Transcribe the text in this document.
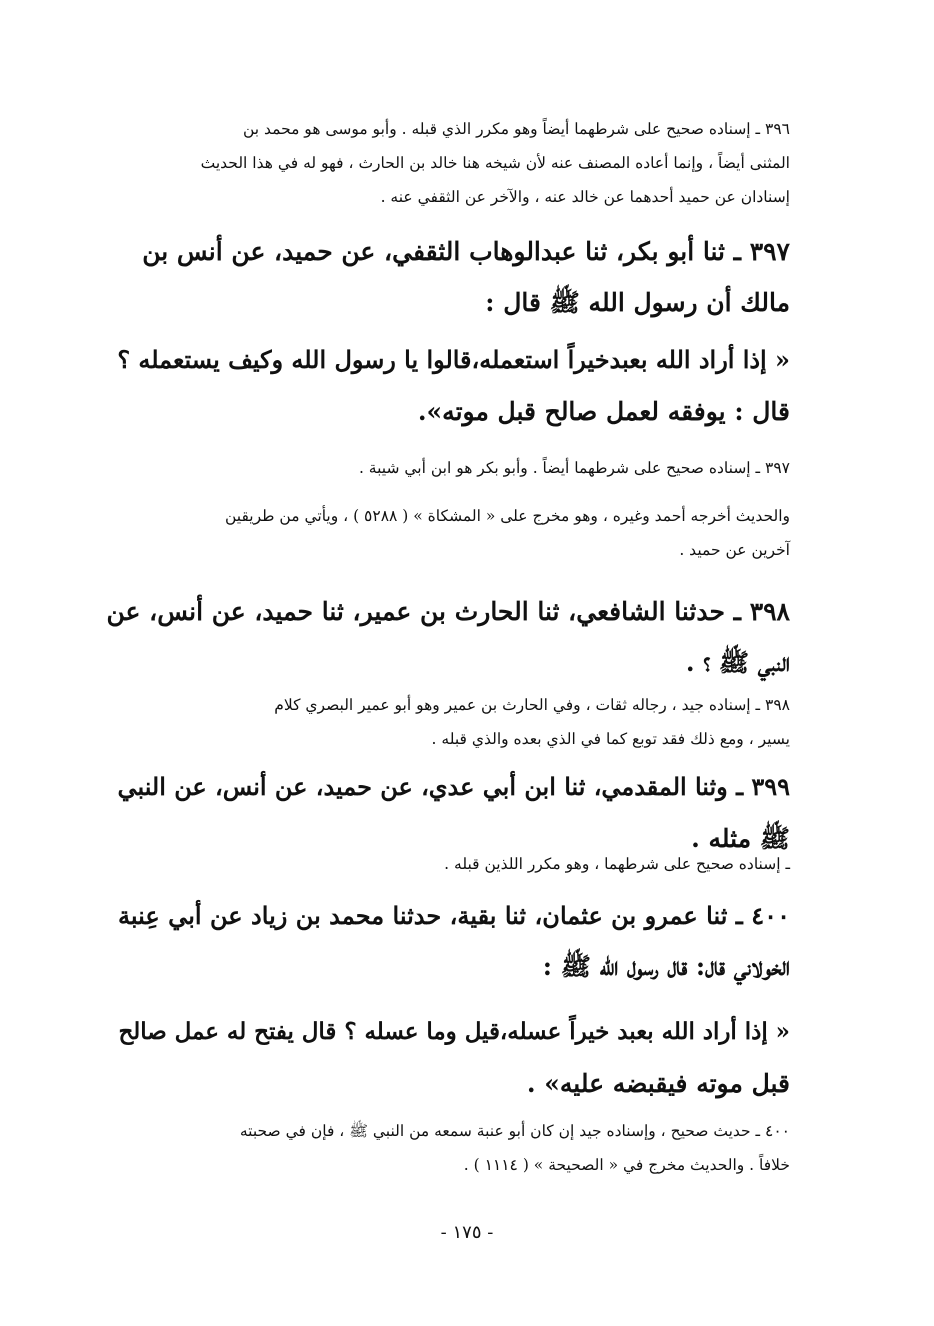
٣٩٦ ـ إسناده صحيح على شرطهما أيضاً وهو مكرر الذي قبله . وأبو موسى هو محمد بن
المثنى أيضاً ، وإنما أعاده المصنف عنه لأن شيخه هنا خالد بن الحارث ، فهو له في هذا الحديث
إسنادان عن حميد أحدهما عن خالد عنه ، والآخر عن الثقفي عنه .
٣٩٧ ـ ثنا أبو بكر، ثنا عبدالوهاب الثقفي، عن حميد، عن أنس بن
مالك أن رسول الله ﷺ قال :
« إذا أراد الله بعبدخيراً استعمله،قالوا يا رسول الله وكيف يستعمله ؟
قال : يوفقه لعمل صالح قبل موته».
٣٩٧ ـ إسناده صحيح على شرطهما أيضاً . وأبو بكر هو ابن أبي شيبة .
والحديث أخرجه أحمد وغيره ، وهو مخرج على « المشكاة » ( ٥٢٨٨ ) ، ويأتي من طريقين
آخرين عن حميد .
٣٩٨ ـ حدثنا الشافعي، ثنا الحارث بن عمير، ثنا حميد، عن أنس، عن
النبي ﷺ ؟ .
٣٩٨ ـ إسناده جيد ، رجاله ثقات ، وفي الحارث بن عمير وهو أبو عمير البصري كلام
يسير ، ومع ذلك فقد توبع كما في الذي بعده والذي قبله .
٣٩٩ ـ وثنا المقدمي، ثنا ابن أبي عدي، عن حميد، عن أنس، عن النبي
ﷺ مثله .
ـ إسناده صحيح على شرطهما ، وهو مكرر اللذين قبله .
٤٠٠ ـ ثنا عمرو بن عثمان، ثنا بقية، حدثنا محمد بن زياد عن أبي عِنبة
الخولاني قال: قال رسول الله ﷺ :
« إذا أراد الله بعبد خيراً عسله،قيل وما عسله ؟ قال يفتح له عمل صالح
قبل موته فيقبضه عليه» .
٤٠٠ ـ حديث صحيح ، وإسناده جيد إن كان أبو عنبة سمعه من النبي ﷺ ، فإن في صحبته
خلافاً . والحديث مخرج في « الصحيحة » ( ١١١٤ ) .
- ١٧٥ -
